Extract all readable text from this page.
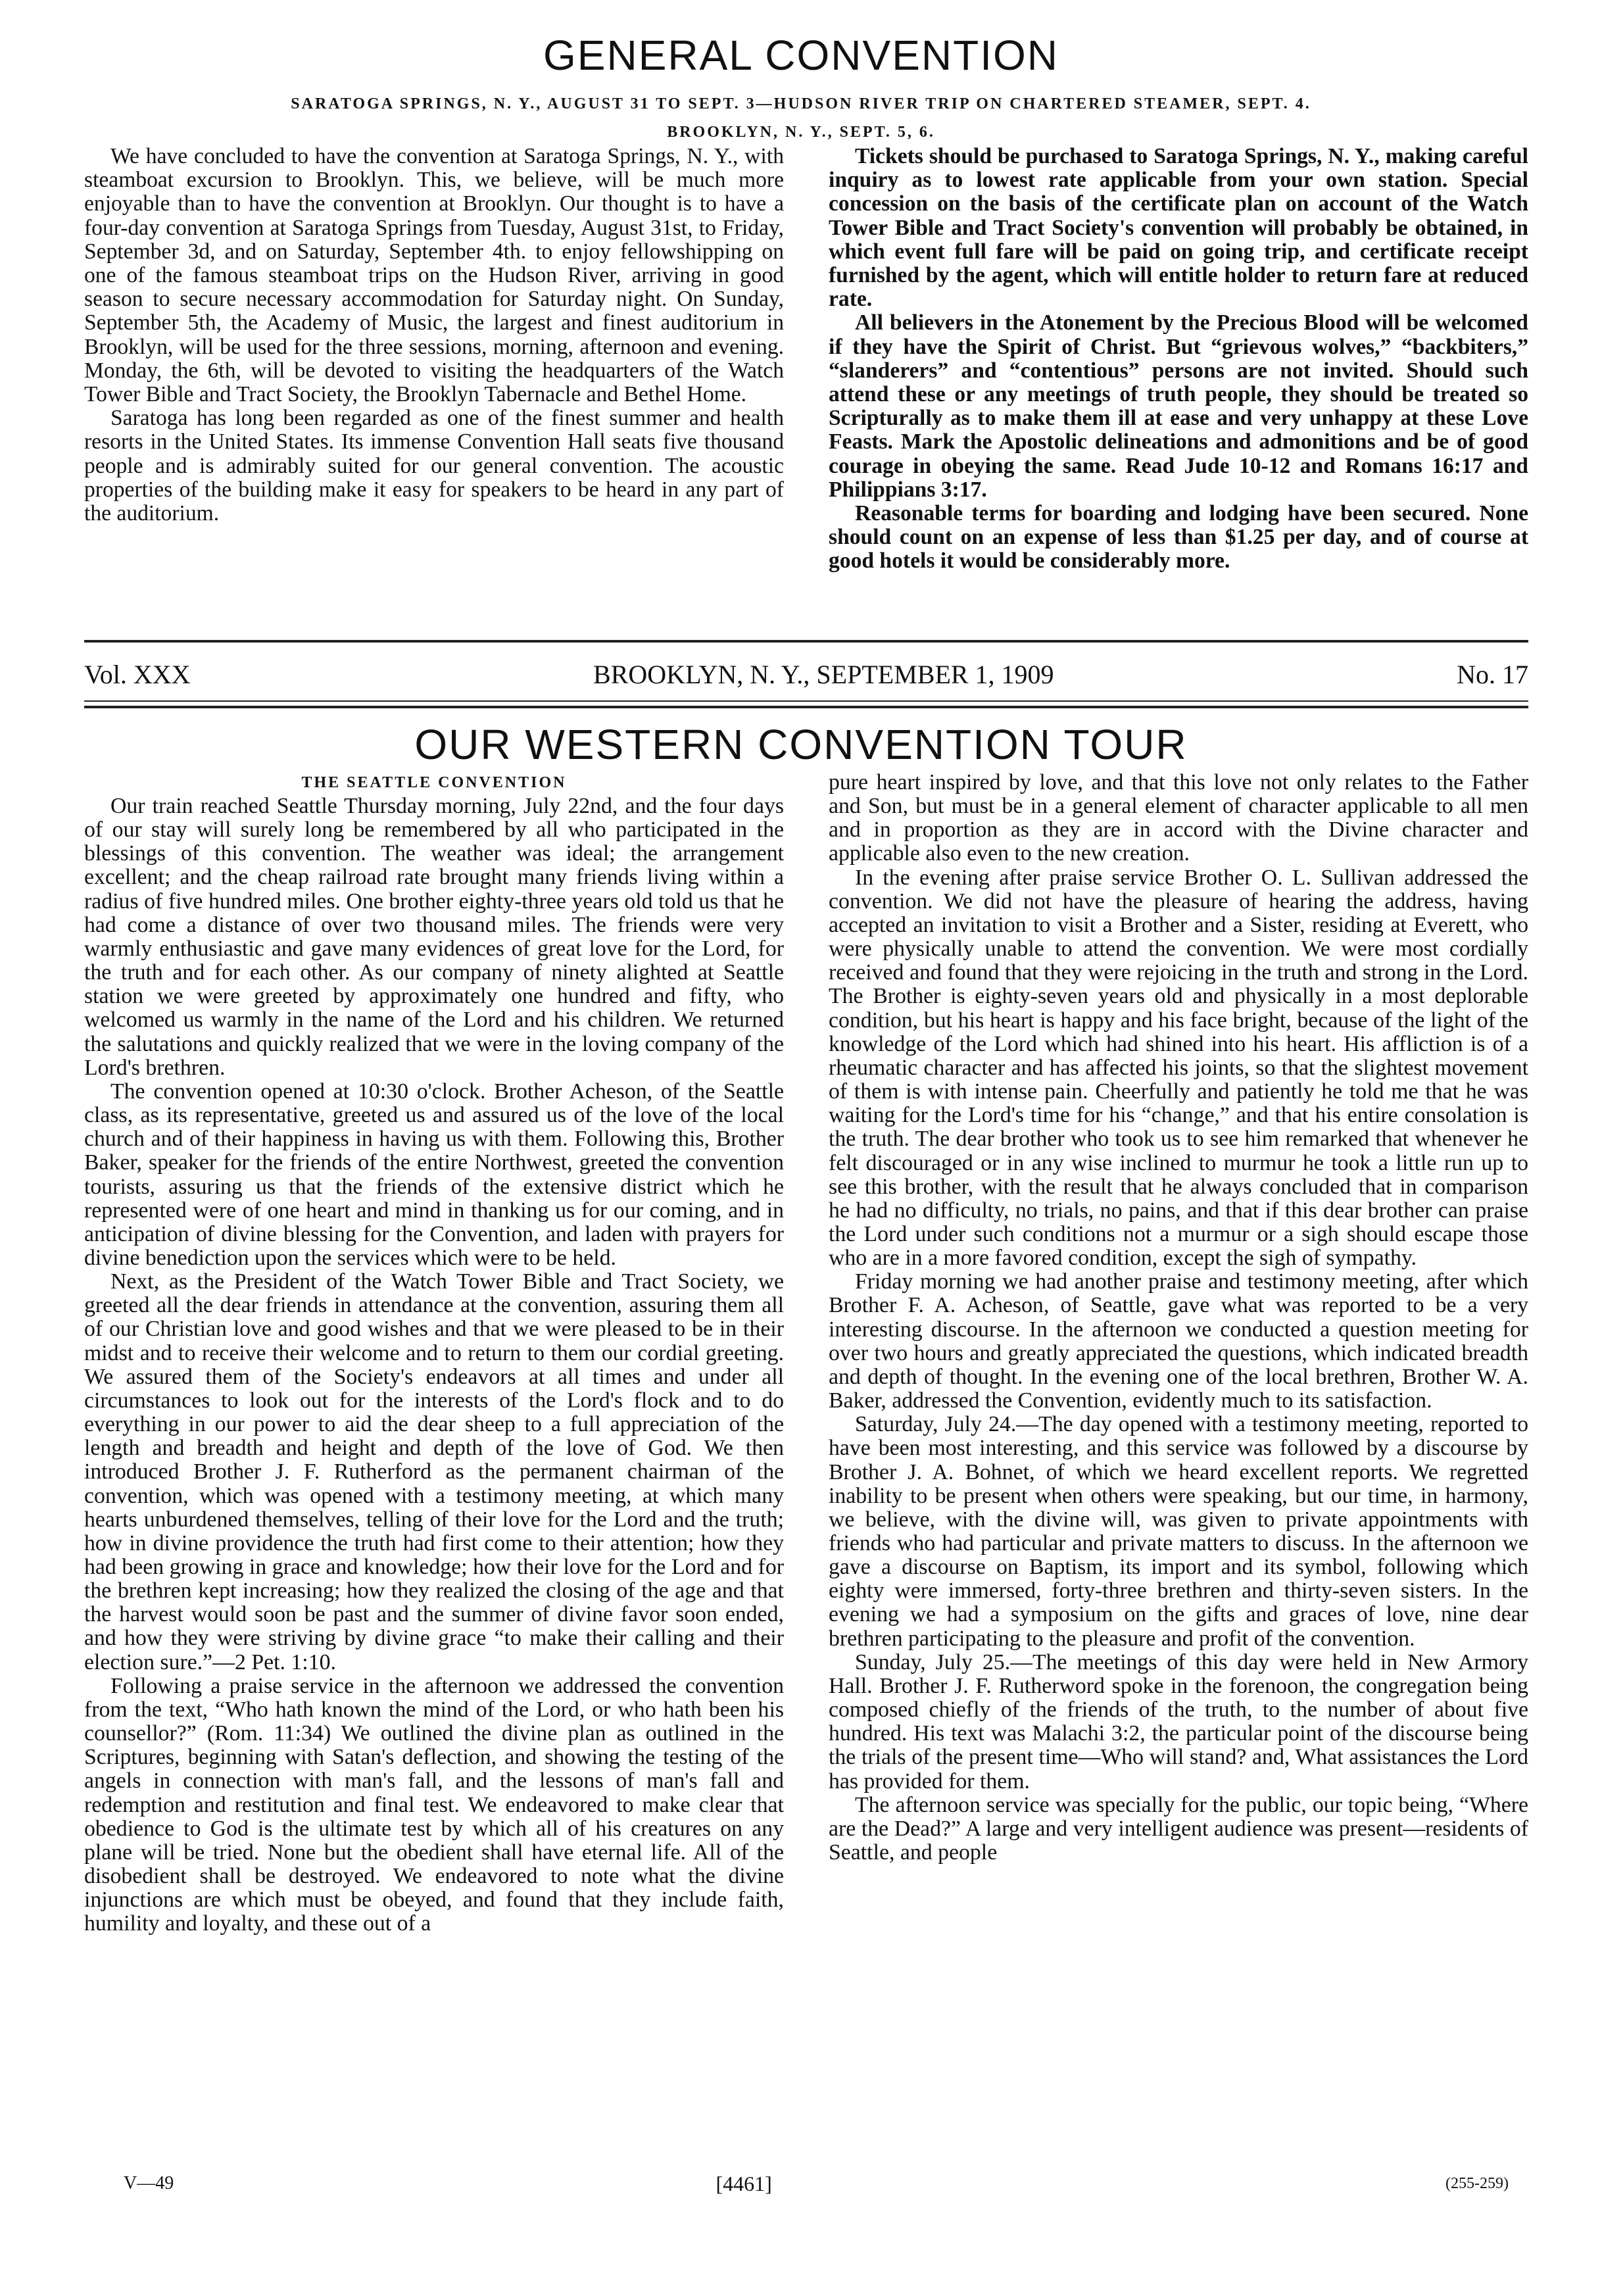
GENERAL CONVENTION
SARATOGA SPRINGS, N. Y., AUGUST 31 TO SEPT. 3—HUDSON RIVER TRIP ON CHARTERED STEAMER, SEPT. 4.
BROOKLYN, N. Y., SEPT. 5, 6.

We have concluded to have the convention at Saratoga Springs, N. Y., with steamboat excursion to Brooklyn. This, we believe, will be much more enjoyable than to have the convention at Brooklyn. Our thought is to have a four-day convention at Saratoga Springs from Tuesday, August 31st, to Friday, September 3d, and on Saturday, September 4th. to enjoy fellowshipping on one of the famous steamboat trips on the Hudson River, arriving in good season to secure necessary accommodation for Saturday night. On Sunday, September 5th, the Academy of Music, the largest and finest auditorium in Brooklyn, will be used for the three sessions, morning, afternoon and evening. Monday, the 6th, will be devoted to visiting the headquarters of the Watch Tower Bible and Tract Society, the Brooklyn Tabernacle and Bethel Home.

Saratoga has long been regarded as one of the finest summer and health resorts in the United States. Its immense Convention Hall seats five thousand people and is admirably suited for our general convention. The acoustic properties of the building make it easy for speakers to be heard in any part of the auditorium.

Tickets should be purchased to Saratoga Springs, N. Y., making careful inquiry as to lowest rate applicable from your own station. Special concession on the basis of the certificate plan on account of the Watch Tower Bible and Tract Society's convention will probably be obtained, in which event full fare will be paid on going trip, and certificate receipt furnished by the agent, which will entitle holder to return fare at reduced rate.

All believers in the Atonement by the Precious Blood will be welcomed if they have the Spirit of Christ. But “grievous wolves,” “backbiters,” “slanderers” and “contentious” persons are not invited. Should such attend these or any meetings of truth people, they should be treated so Scripturally as to make them ill at ease and very unhappy at these Love Feasts. Mark the Apostolic delineations and admonitions and be of good courage in obeying the same. Read Jude 10-12 and Romans 16:17 and Philippians 3:17.

Reasonable terms for boarding and lodging have been secured. None should count on an expense of less than $1.25 per day, and of course at good hotels it would be considerably more.

Vol. XXX	BROOKLYN, N. Y., SEPTEMBER 1, 1909	No. 17
OUR WESTERN CONVENTION TOUR
THE SEATTLE CONVENTION

Our train reached Seattle Thursday morning, July 22nd, and the four days of our stay will surely long be remembered by all who participated in the blessings of this convention. The weather was ideal; the arrangement excellent; and the cheap railroad rate brought many friends living within a radius of five hundred miles. One brother eighty-three years old told us that he had come a distance of over two thousand miles. The friends were very warmly enthusiastic and gave many evidences of great love for the Lord, for the truth and for each other. As our company of ninety alighted at Seattle station we were greeted by approximately one hundred and fifty, who welcomed us warmly in the name of the Lord and his children. We returned the salutations and quickly realized that we were in the loving company of the Lord's brethren.

The convention opened at 10:30 o'clock. Brother Acheson, of the Seattle class, as its representative, greeted us and assured us of the love of the local church and of their happiness in having us with them. Following this, Brother Baker, speaker for the friends of the entire Northwest, greeted the convention tourists, assuring us that the friends of the extensive district which he represented were of one heart and mind in thanking us for our coming, and in anticipation of divine blessing for the Convention, and laden with prayers for divine benediction upon the services which were to be held.

Next, as the President of the Watch Tower Bible and Tract Society, we greeted all the dear friends in attendance at the convention, assuring them all of our Christian love and good wishes and that we were pleased to be in their midst and to receive their welcome and to return to them our cordial greeting. We assured them of the Society's endeavors at all times and under all circumstances to look out for the interests of the Lord's flock and to do everything in our power to aid the dear sheep to a full appreciation of the length and breadth and height and depth of the love of God. We then introduced Brother J. F. Rutherford as the permanent chairman of the convention, which was opened with a testimony meeting, at which many hearts unburdened themselves, telling of their love for the Lord and the truth; how in divine providence the truth had first come to their attention; how they had been growing in grace and knowledge; how their love for the Lord and for the brethren kept increasing; how they realized the closing of the age and that the harvest would soon be past and the summer of divine favor soon ended, and how they were striving by divine grace “to make their calling and their election sure.”—2 Pet. 1:10.

Following a praise service in the afternoon we addressed the convention from the text, “Who hath known the mind of the Lord, or who hath been his counsellor?” (Rom. 11:34) We outlined the divine plan as outlined in the Scriptures, beginning with Satan's deflection, and showing the testing of the angels in connection with man's fall, and the lessons of man's fall and redemption and restitution and final test. We endeavored to make clear that obedience to God is the ultimate test by which all of his creatures on any plane will be tried. None but the obedient shall have eternal life. All of the disobedient shall be destroyed. We endeavored to note what the divine injunctions are which must be obeyed, and found that they include faith, humility and loyalty, and these out of a

pure heart inspired by love, and that this love not only relates to the Father and Son, but must be in a general element of character applicable to all men and in proportion as they are in accord with the Divine character and applicable also even to the new creation.

In the evening after praise service Brother O. L. Sullivan addressed the convention. We did not have the pleasure of hearing the address, having accepted an invitation to visit a Brother and a Sister, residing at Everett, who were physically unable to attend the convention. We were most cordially received and found that they were rejoicing in the truth and strong in the Lord. The Brother is eighty-seven years old and physically in a most deplorable condition, but his heart is happy and his face bright, because of the light of the knowledge of the Lord which had shined into his heart. His affliction is of a rheumatic character and has affected his joints, so that the slightest movement of them is with intense pain. Cheerfully and patiently he told me that he was waiting for the Lord's time for his “change,” and that his entire consolation is the truth. The dear brother who took us to see him remarked that whenever he felt discouraged or in any wise inclined to murmur he took a little run up to see this brother, with the result that he always concluded that in comparison he had no difficulty, no trials, no pains, and that if this dear brother can praise the Lord under such conditions not a murmur or a sigh should escape those who are in a more favored condition, except the sigh of sympathy.

Friday morning we had another praise and testimony meeting, after which Brother F. A. Acheson, of Seattle, gave what was reported to be a very interesting discourse. In the afternoon we conducted a question meeting for over two hours and greatly appreciated the questions, which indicated breadth and depth of thought. In the evening one of the local brethren, Brother W. A. Baker, addressed the Convention, evidently much to its satisfaction.

Saturday, July 24.—The day opened with a testimony meeting, reported to have been most interesting, and this service was followed by a discourse by Brother J. A. Bohnet, of which we heard excellent reports. We regretted inability to be present when others were speaking, but our time, in harmony, we believe, with the divine will, was given to private appointments with friends who had particular and private matters to discuss. In the afternoon we gave a discourse on Baptism, its import and its symbol, following which eighty were immersed, forty-three brethren and thirty-seven sisters. In the evening we had a symposium on the gifts and graces of love, nine dear brethren participating to the pleasure and profit of the convention.

Sunday, July 25.—The meetings of this day were held in New Armory Hall. Brother J. F. Rutherword spoke in the forenoon, the congregation being composed chiefly of the friends of the truth, to the number of about five hundred. His text was Malachi 3:2, the particular point of the discourse being the trials of the present time—Who will stand? and, What assistances the Lord has provided for them.

The afternoon service was specially for the public, our topic being, “Where are the Dead?” A large and very intelligent audience was present—residents of Seattle, and people

V—49	[4461]	(255-259)
